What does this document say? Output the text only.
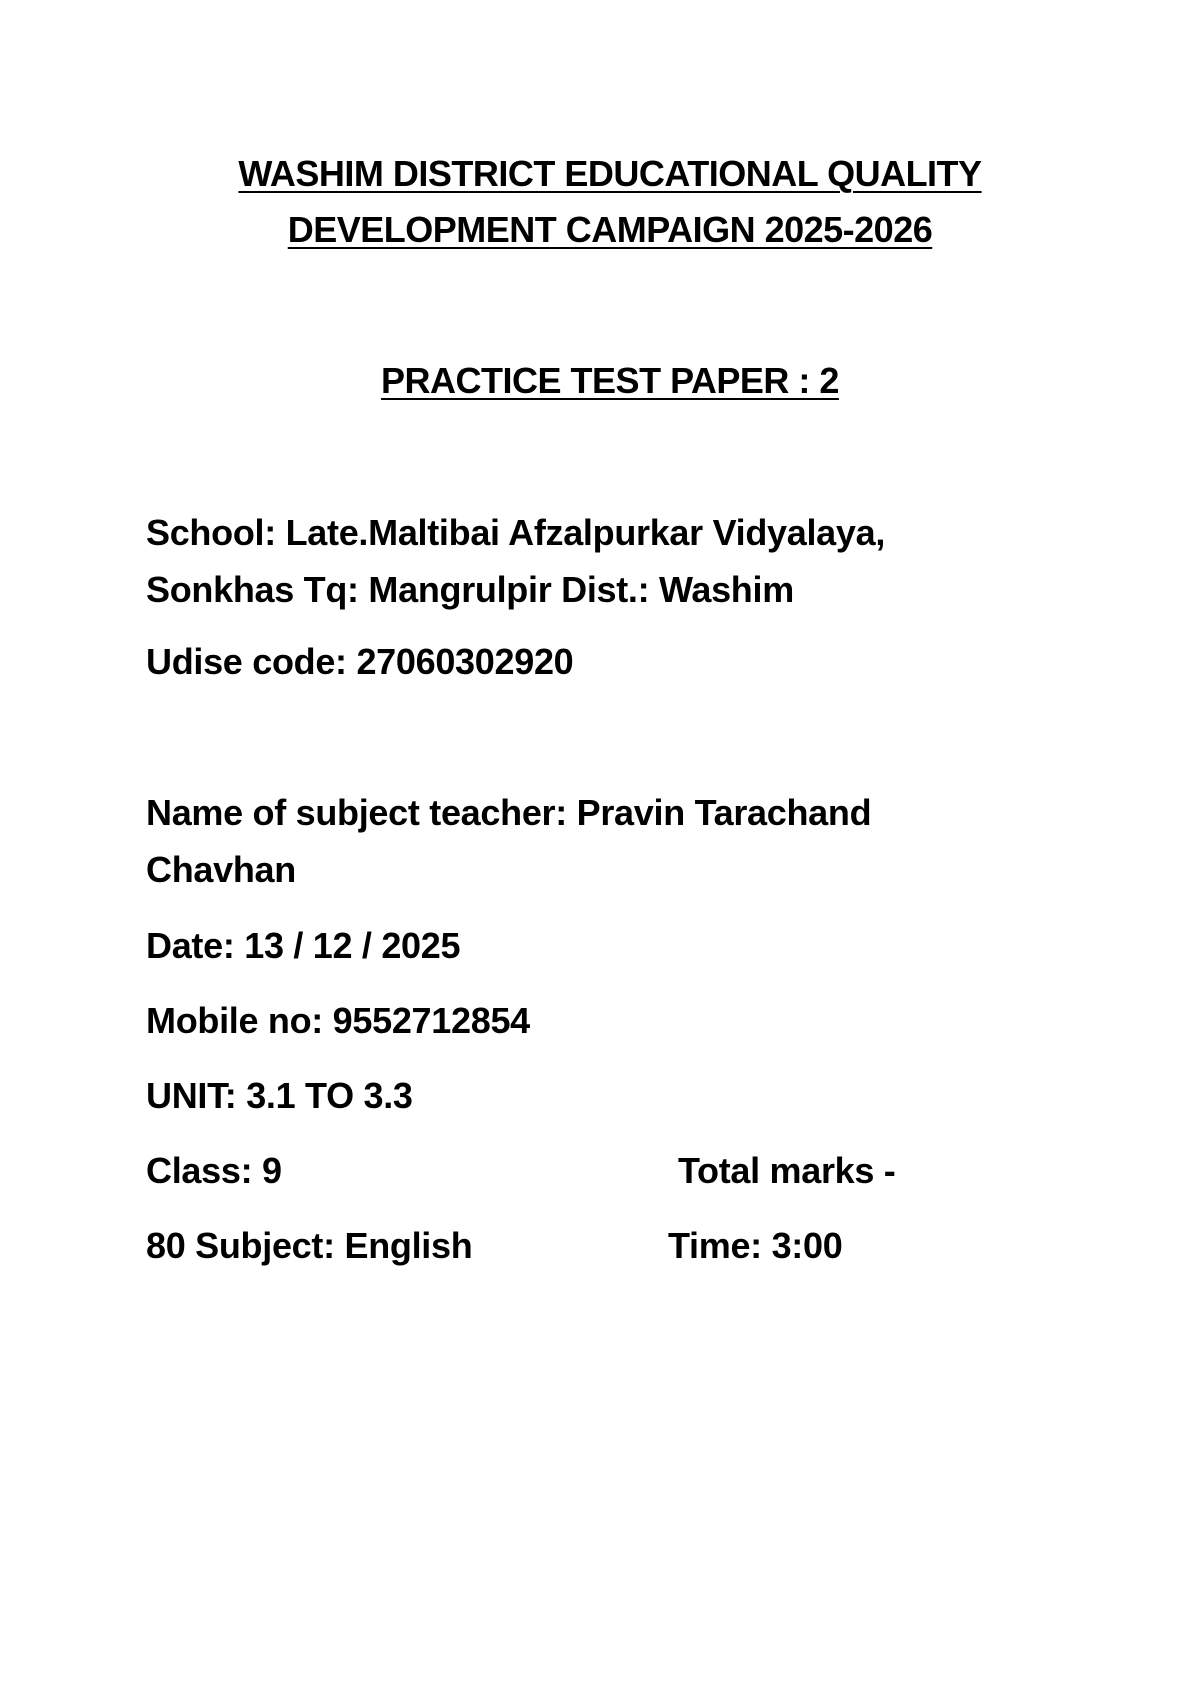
WASHIM DISTRICT EDUCATIONAL QUALITY
DEVELOPMENT CAMPAIGN 2025-2026
PRACTICE TEST PAPER : 2
School: Late.Maltibai Afzalpurkar Vidyalaya,
Sonkhas Tq: Mangrulpir Dist.: Washim
Udise code: 27060302920
Name of subject teacher: Pravin Tarachand
Chavhan
Date: 13 / 12 / 2025
Mobile no: 9552712854
UNIT: 3.1 TO 3.3
Class: 9	Total marks -
80 Subject: English	Time: 3:00
